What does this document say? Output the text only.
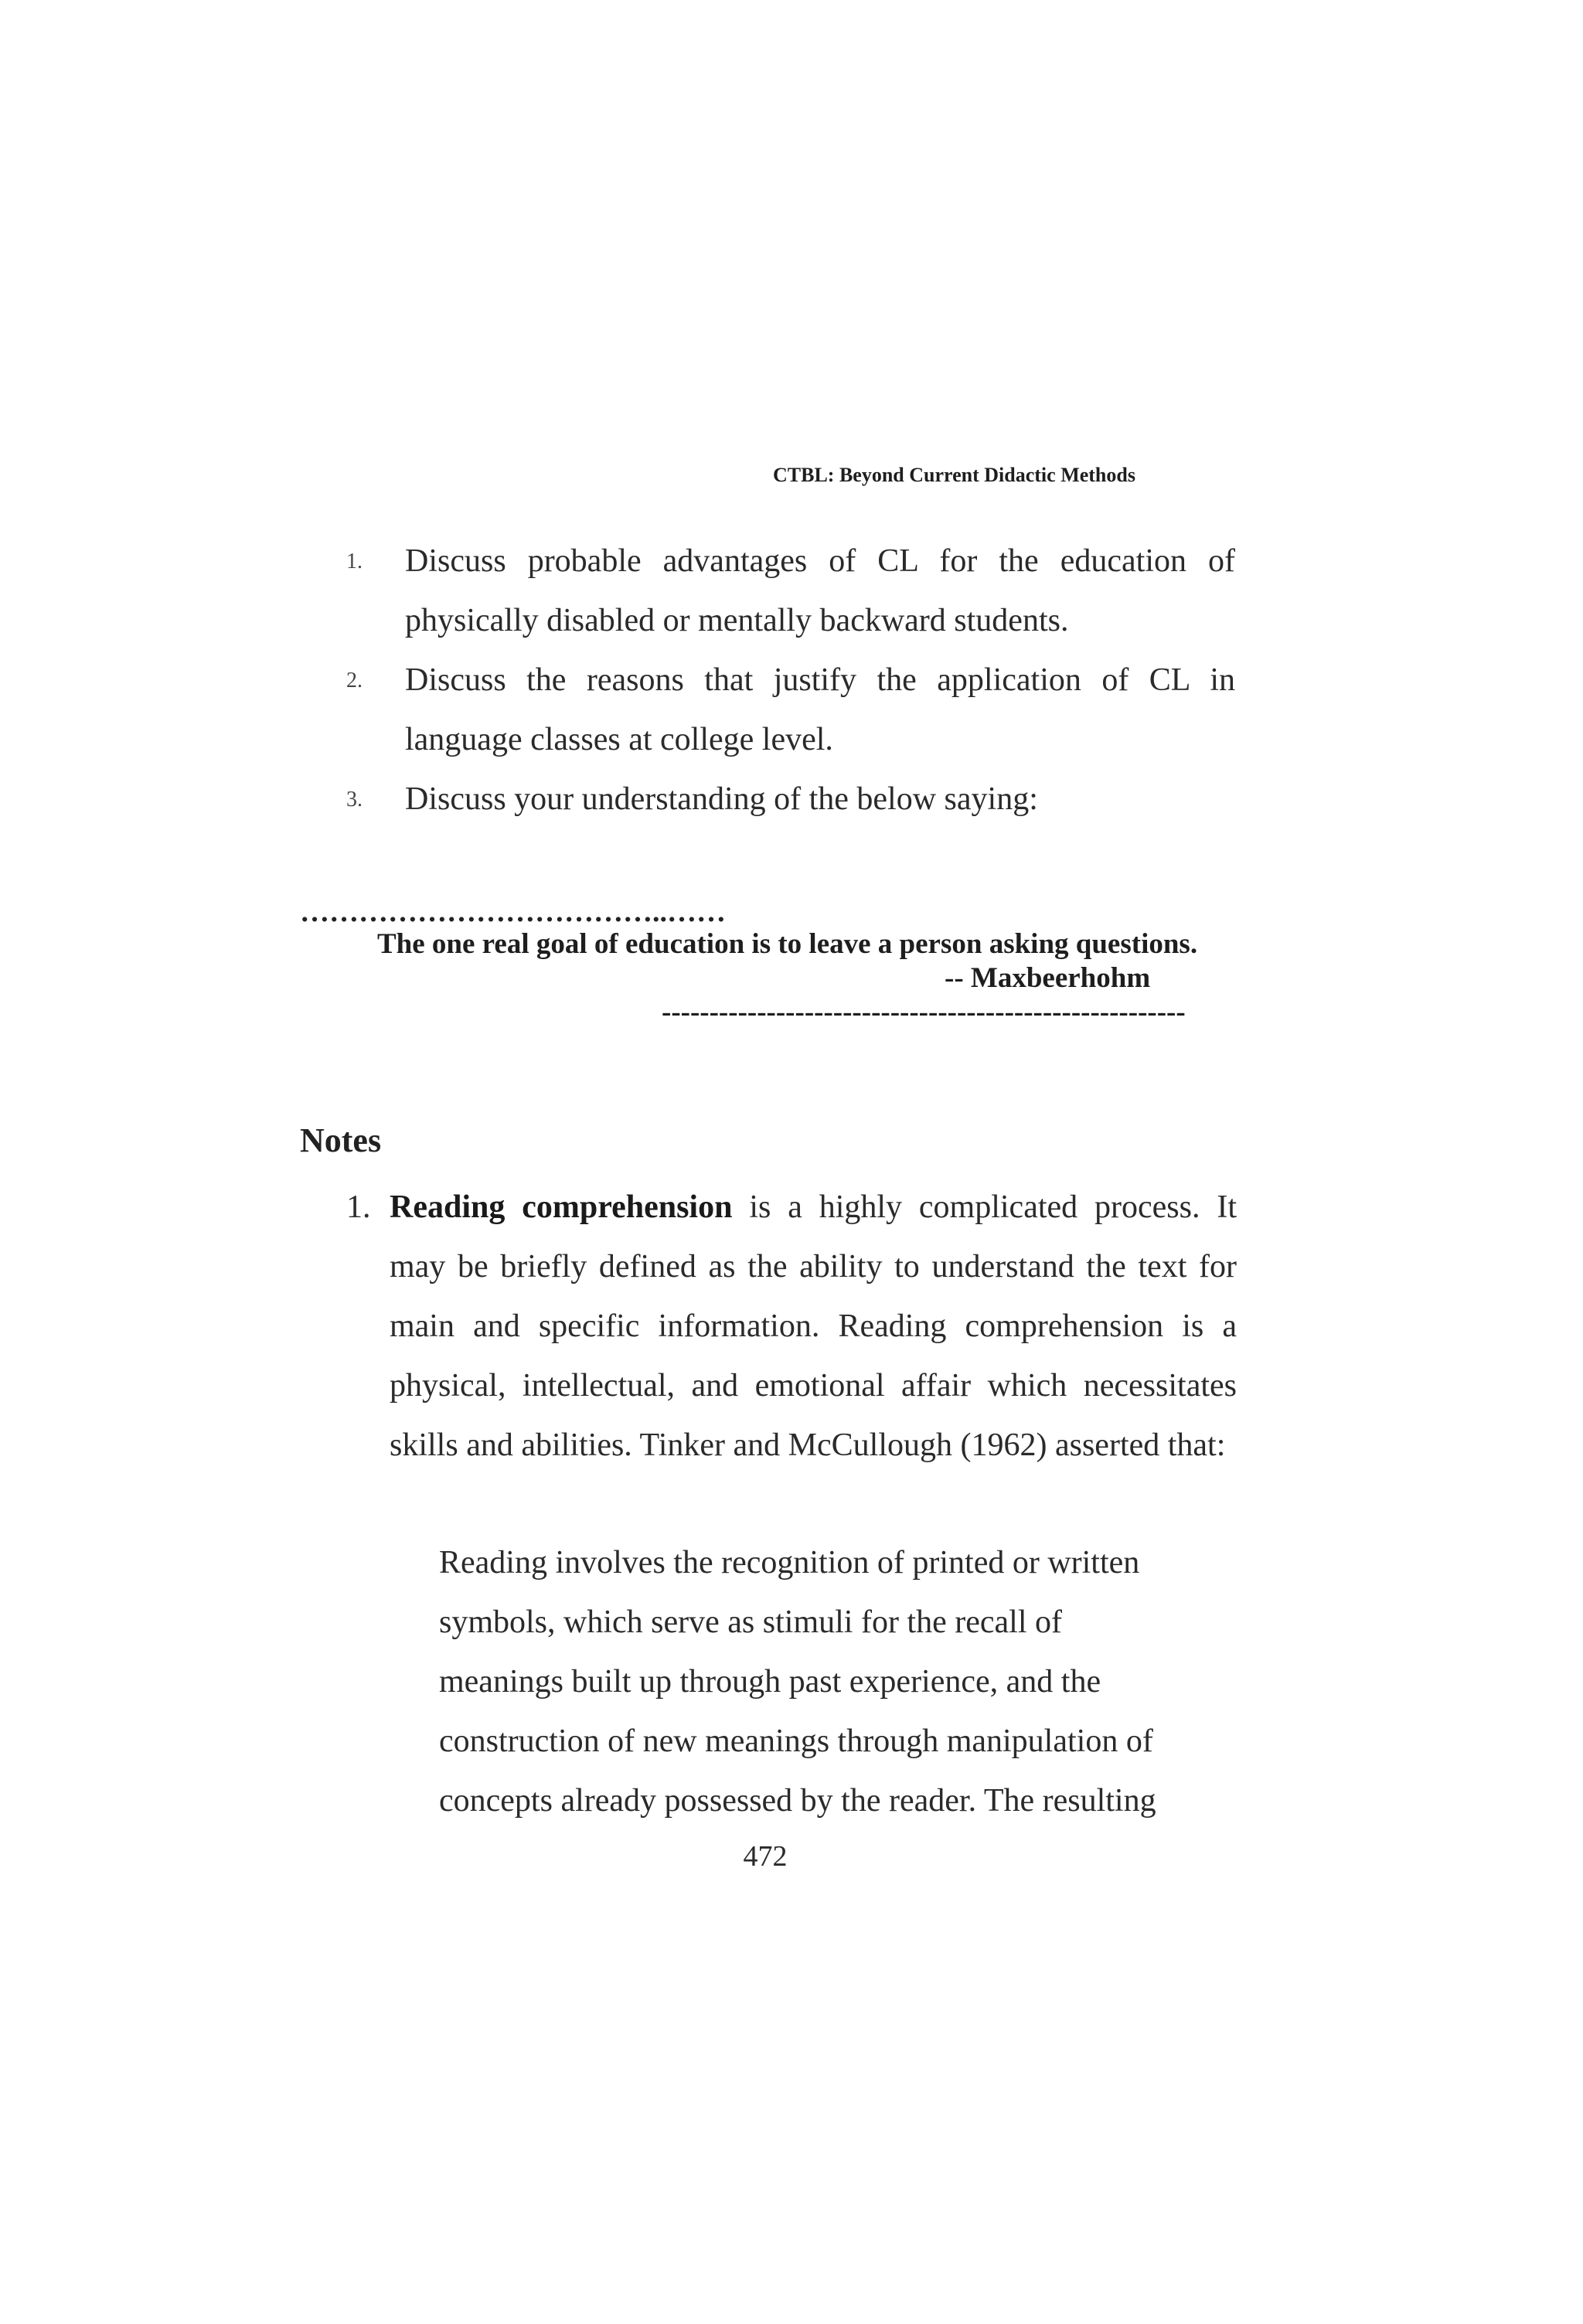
CTBL: Beyond Current Didactic Methods
1. Discuss probable advantages of CL for the education of
physically disabled or mentally backward students.
2. Discuss the reasons that justify the application of CL in
language classes at college level.
3. Discuss your understanding of the below saying:
………………………………..……
The one real goal of education is to leave a person asking questions.
-- Maxbeerhohm
-------------------------------------------------------
Notes
1. Reading comprehension is a highly complicated process. It may be briefly defined as the ability to understand the text for main and specific information. Reading comprehension is a physical, intellectual, and emotional affair which necessitates skills and abilities. Tinker and McCullough (1962) asserted that:
Reading involves the recognition of printed or written
symbols, which serve as stimuli for the recall of
meanings built up through past experience, and the
construction of new meanings through manipulation of
concepts already possessed by the reader. The resulting
472
